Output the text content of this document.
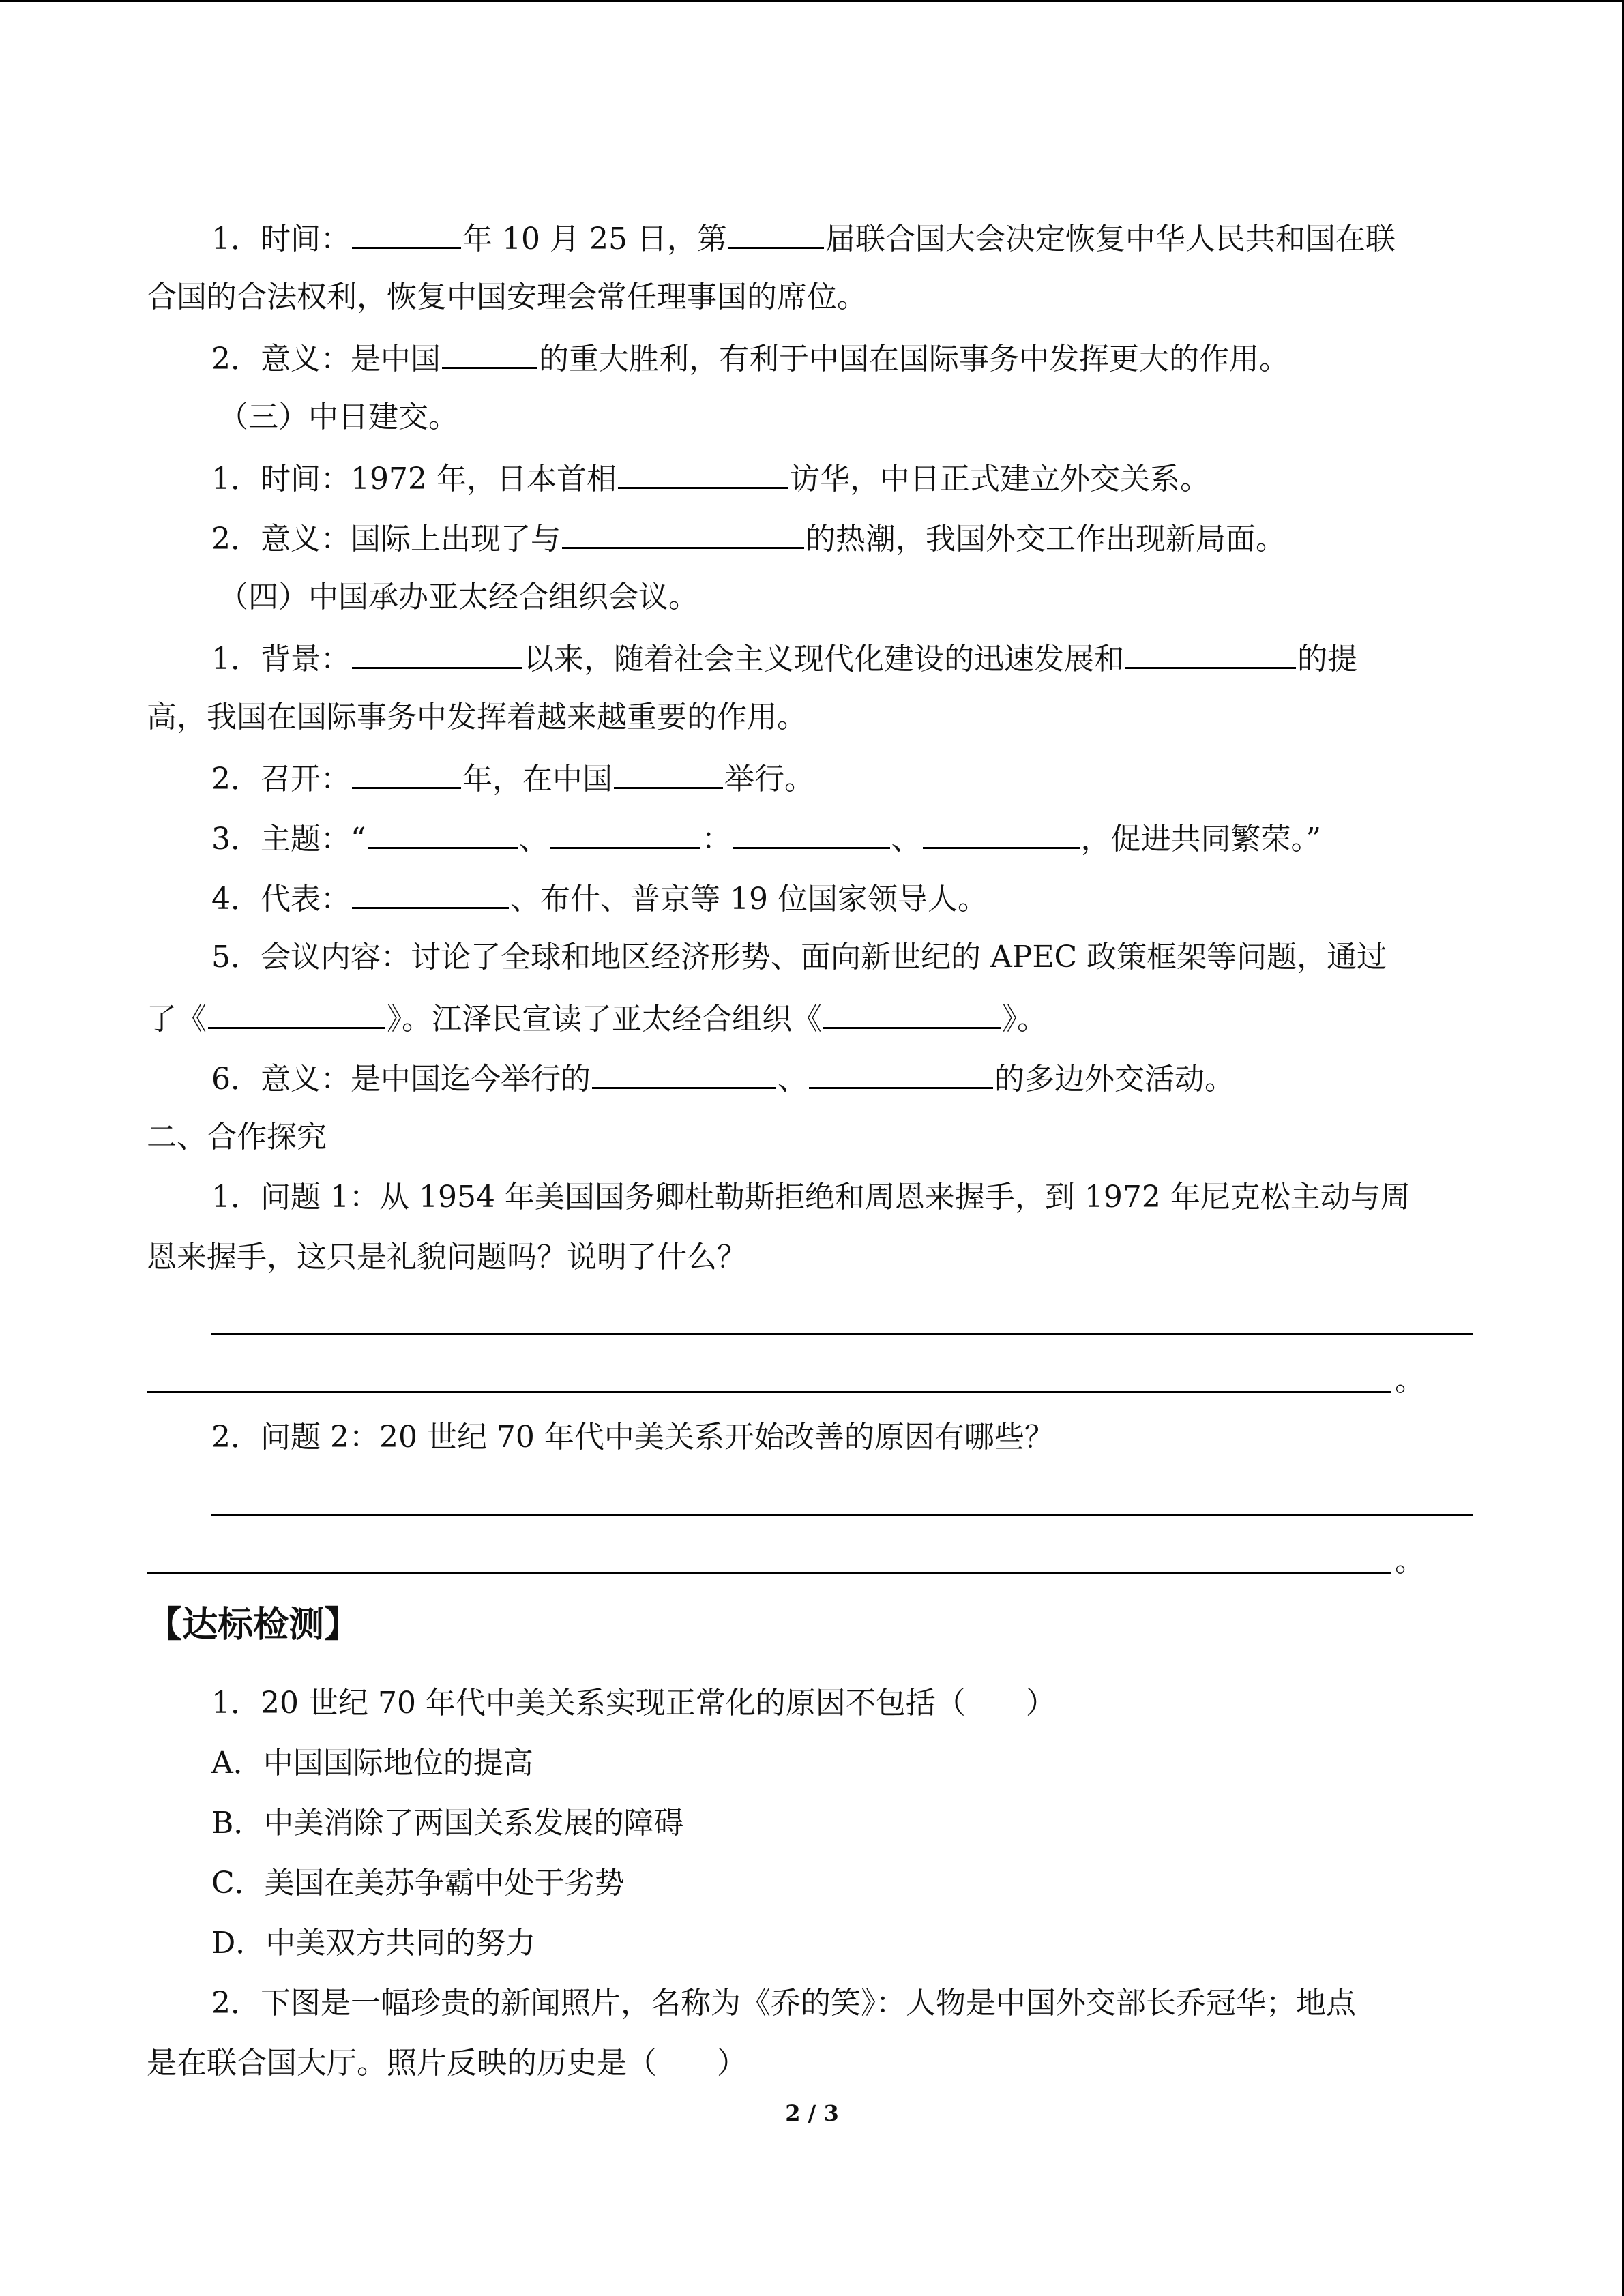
1．时间：	年 10 月 25 日，第	届联合国大会决定恢复中华人民共和国在联
合国的合法权利，恢复中国安理会常任理事国的席位。
2．意义：是中国	的重大胜利，有利于中国在国际事务中发挥更大的作用。
（三）中日建交。
1．时间：1972 年，日本首相	访华，中日正式建立外交关系。
2．意义：国际上出现了与	的热潮，我国外交工作出现新局面。
（四）中国承办亚太经合组织会议。
1．背景：	以来，随着社会主义现代化建设的迅速发展和	的提
高，我国在国际事务中发挥着越来越重要的作用。
2．召开：	年，在中国	举行。
3．主题：“	、	：	、	，促进共同繁荣。”
4．代表：	、布什、普京等 19 位国家领导人。
5．会议内容：讨论了全球和地区经济形势、面向新世纪的 APEC 政策框架等问题，通过
了《	》。江泽民宣读了亚太经合组织《	》。
6．意义：是中国迄今举行的	、	的多边外交活动。
二、合作探究
1．问题 1：从 1954 年美国国务卿杜勒斯拒绝和周恩来握手，到 1972 年尼克松主动与周
恩来握手，这只是礼貌问题吗？说明了什么？
。
2．问题 2：20 世纪 70 年代中美关系开始改善的原因有哪些？
。
【达标检测】
1．20 世纪 70 年代中美关系实现正常化的原因不包括（　　）
A．中国国际地位的提高
B．中美消除了两国关系发展的障碍
C．美国在美苏争霸中处于劣势
D．中美双方共同的努力
2．下图是一幅珍贵的新闻照片，名称为《乔的笑》：人物是中国外交部长乔冠华；地点
是在联合国大厅。照片反映的历史是（　　）
2 / 3
